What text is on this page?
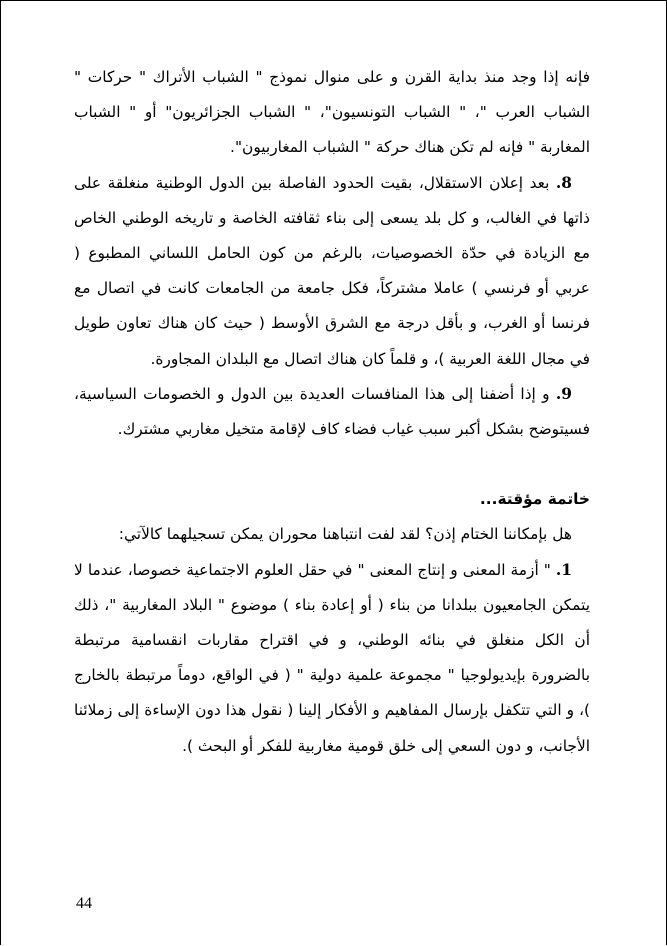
فإنه إذا وجد منذ بداية القرن و على منوال نموذج " الشباب الأتراك " حركات " الشباب العرب "، " الشباب التونسيون"، " الشباب الجزائريون" أو " الشباب المغاربة " فإنه لم تكن هناك حركة " الشباب المغاربيون".

8. بعد إعلان الاستقلال، بقيت الحدود الفاصلة بين الدول الوطنية منغلقة على ذاتها في الغالب، و كل بلد يسعى إلى بناء ثقافته الخاصة و تاريخه الوطني الخاص مع الزيادة في حدّة الخصوصيات، بالرغم من كون الحامل اللساني المطبوع ( عربي أو فرنسي ) عاملا مشتركاً، فكل جامعة من الجامعات كانت في اتصال مع فرنسا أو الغرب، و بأقل درجة مع الشرق الأوسط ( حيث كان هناك تعاون طويل في مجال اللغة العربية )، و قلماً كان هناك اتصال مع البلدان المجاورة.

9. و إذا أضفنا إلى هذا المنافسات العديدة بين الدول و الخصومات السياسية، فسيتوضح بشكل أكبر سبب غياب فضاء كاف لإقامة متخيل مغاربي مشترك.

خاتمة مؤقتة...

هل بإمكاننا الختام إذن؟ لقد لفت انتباهنا محوران يمكن تسجيلهما كالآتي:

1. " أزمة المعنى و إنتاج المعنى " في حقل العلوم الاجتماعية خصوصا، عندما لا يتمكن الجامعيون ببلدانا من بناء ( أو إعادة بناء ) موضوع " البلاد المغاربية "، ذلك أن الكل منغلق في بنائه الوطني، و في اقتراح مقاربات انقسامية مرتبطة بالضرورة بإيديولوجيا " مجموعة علمية دولية " ( في الواقع، دوماً مرتبطة بالخارج )، و التي تتكفل بإرسال المفاهيم و الأفكار إلينا ( نقول هذا دون الإساءة إلى زملائنا الأجانب، و دون السعي إلى خلق قومية مغاربية للفكر أو البحث ).

44
